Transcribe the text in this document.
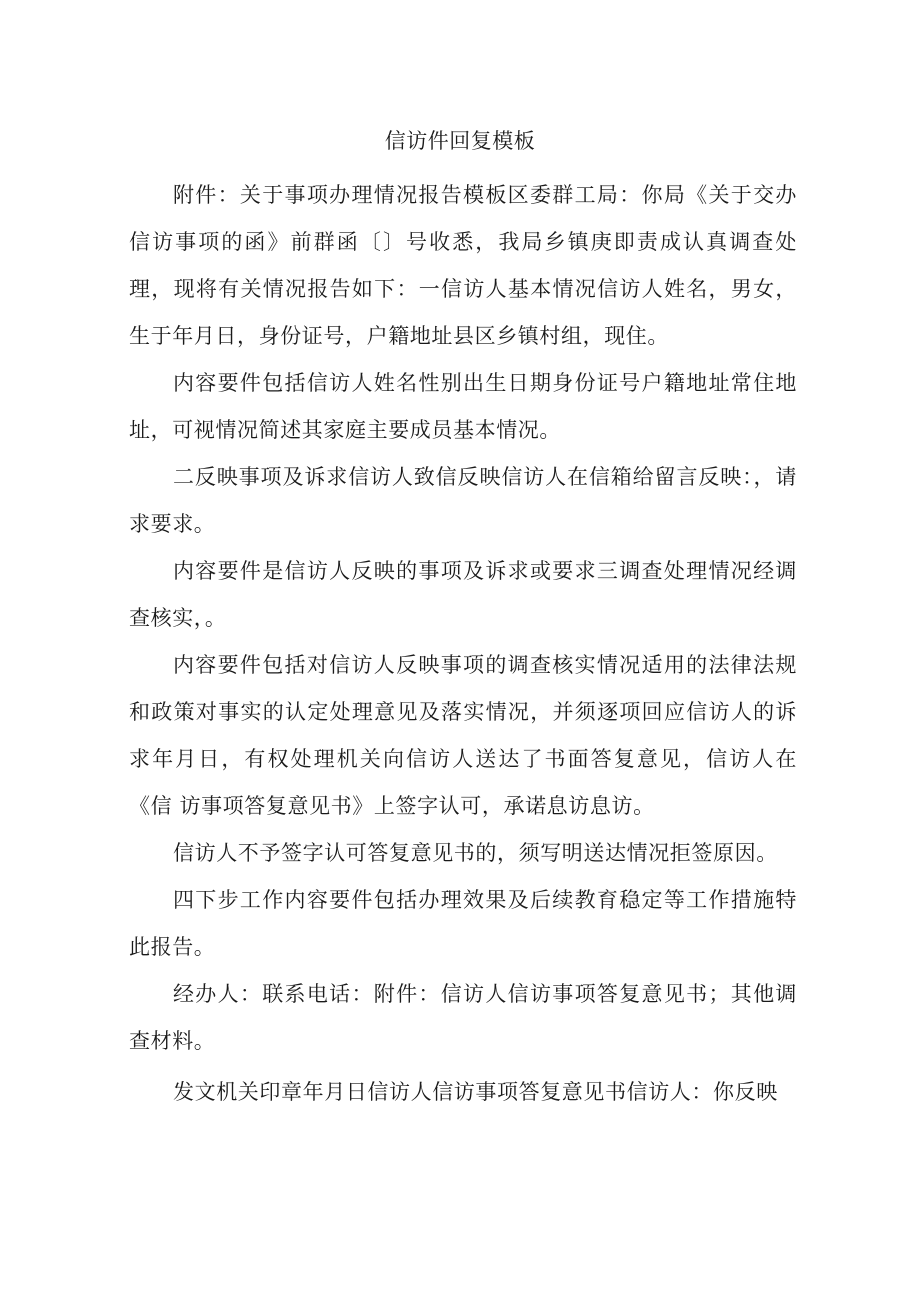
信访件回复模板

附件：关于事项办理情况报告模板区委群工局：你局《关于交办信访事项的函》前群函〔〕号收悉，我局乡镇庚即责成认真调查处理，现将有关情况报告如下：一信访人基本情况信访人姓名，男女，生于年月日，身份证号，户籍地址县区乡镇村组，现住。

内容要件包括信访人姓名性别出生日期身份证号户籍地址常住地址，可视情况简述其家庭主要成员基本情况。

二反映事项及诉求信访人致信反映信访人在信箱给留言反映：，请求要求。

内容要件是信访人反映的事项及诉求或要求三调查处理情况经调查核实，。

内容要件包括对信访人反映事项的调查核实情况适用的法律法规和政策对事实的认定处理意见及落实情况，并须逐项回应信访人的诉求年月日，有权处理机关向信访人送达了书面答复意见，信访人在《信 访事项答复意见书》上签字认可，承诺息访息访。

信访人不予签字认可答复意见书的，须写明送达情况拒签原因。

四下步工作内容要件包括办理效果及后续教育稳定等工作措施特此报告。

经办人：联系电话：附件：信访人信访事项答复意见书；其他调查材料。

发文机关印章年月日信访人信访事项答复意见书信访人：你反映
